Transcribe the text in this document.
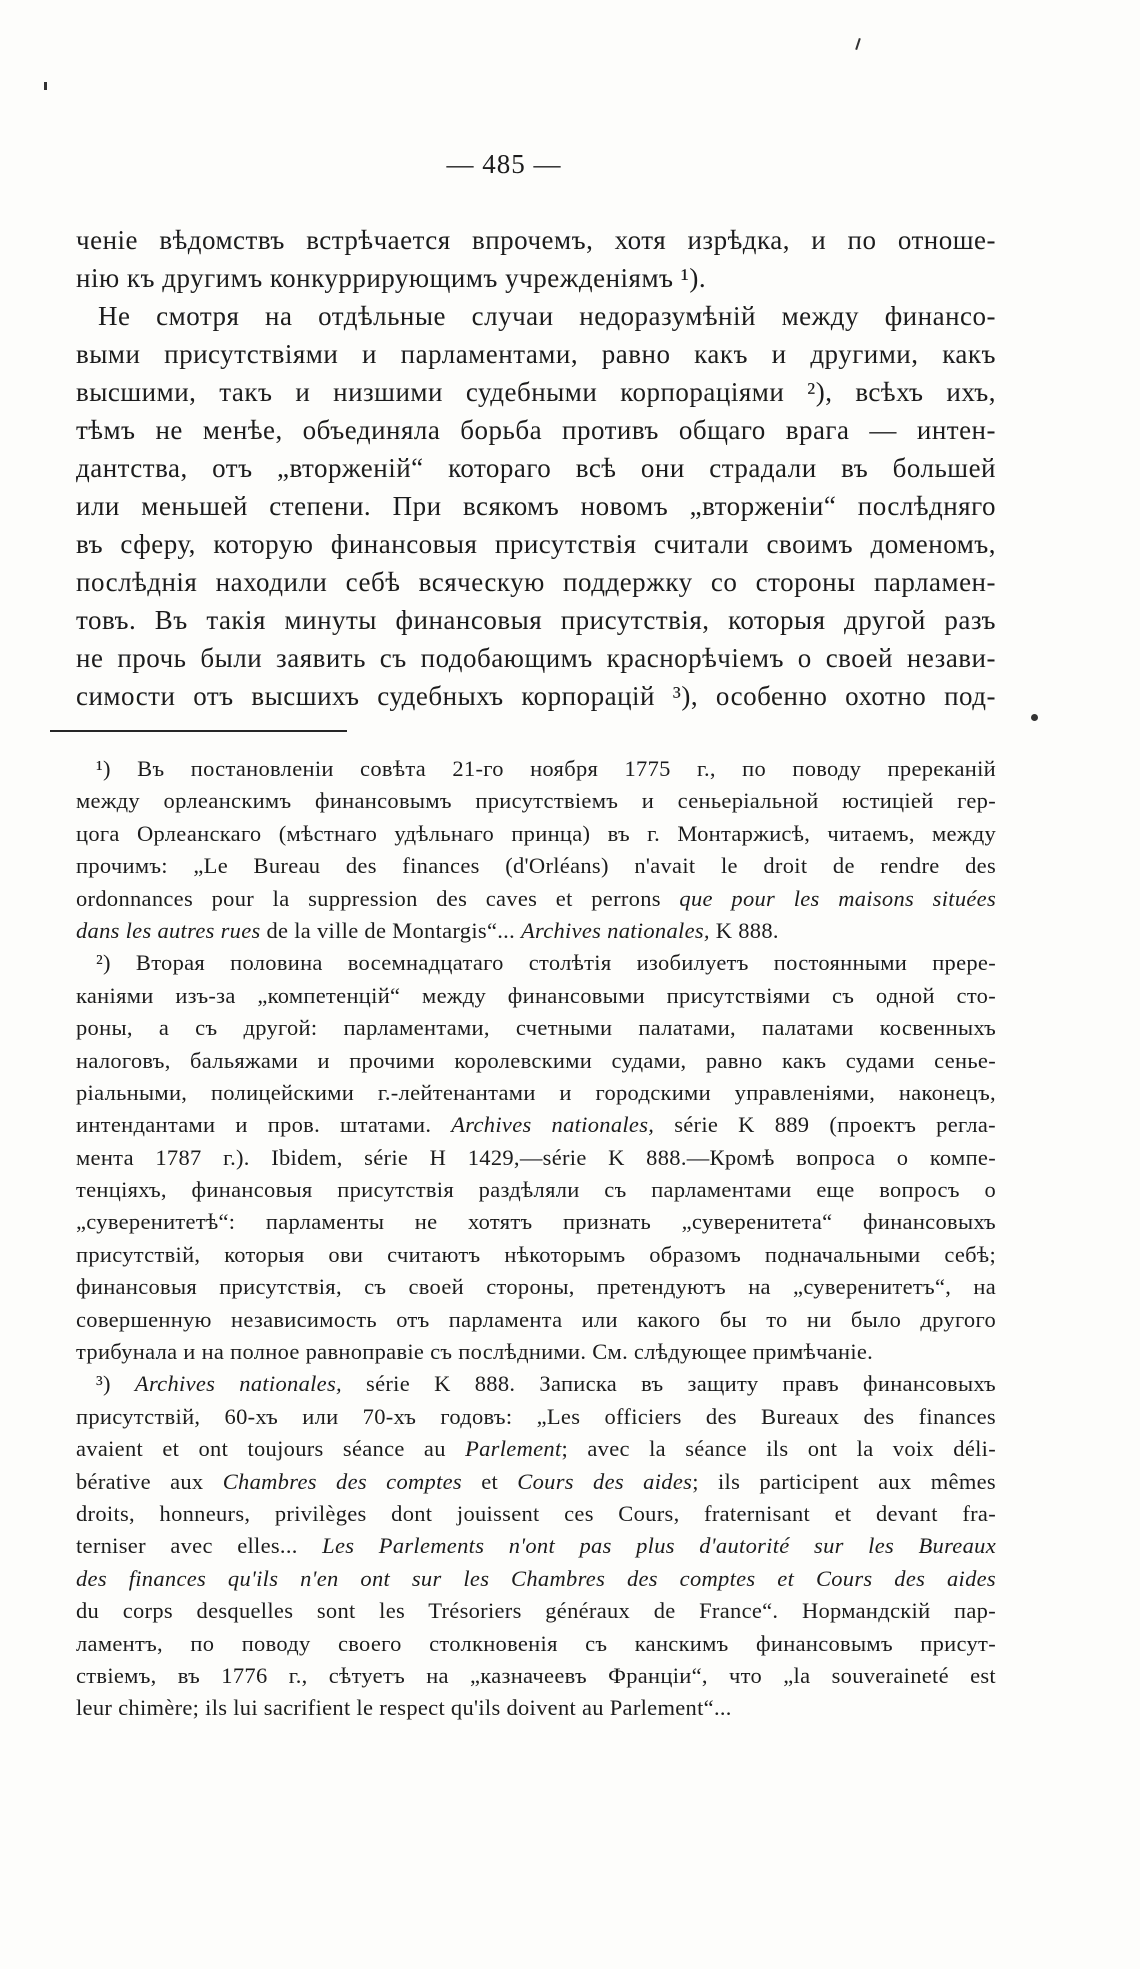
— 485 —
ченіе вѣдомствъ встрѣчается впрочемъ, хотя изрѣдка, и по отноше-
нію къ другимъ конкуррирующимъ учрежденіямъ ¹).
Не смотря на отдѣльные случаи недоразумѣній между финансо-
выми присутствіями и парламентами, равно какъ и другими, какъ
высшими, такъ и низшими судебными корпораціями ²), всѣхъ ихъ,
тѣмъ не менѣе, объединяла борьба противъ общаго врага — интен-
дантства, отъ „вторженій“ котораго всѣ они страдали въ большей
или меньшей степени. При всякомъ новомъ „вторженіи“ послѣдняго
въ сферу, которую финансовыя присутствія считали своимъ доменомъ,
послѣднія находили себѣ всяческую поддержку со стороны парламен-
товъ. Въ такія минуты финансовыя присутствія, которыя другой разъ
не прочь были заявить съ подобающимъ краснорѣчіемъ о своей незави-
симости отъ высшихъ судебныхъ корпорацій ³), особенно охотно под-
¹) Въ постановленіи совѣта 21-го ноября 1775 г., по поводу пререканій
между орлеанскимъ финансовымъ присутствіемъ и сеньеріальной юстиціей гер-
цога Орлеанскаго (мѣстнаго удѣльнаго принца) въ г. Монтаржисѣ, читаемъ, между
прочимъ: „Le Bureau des finances (d'Orléans) n'avait le droit de rendre des
ordonnances pour la suppression des caves et perrons que pour les maisons situées
dans les autres rues de la ville de Montargis“... Archives nationales, K 888.
²) Вторая половина восемнадцатаго столѣтія изобилуетъ постоянными прере-
каніями изъ-за „компетенцій“ между финансовыми присутствіями съ одной сто-
роны, а съ другой: парламентами, счетными палатами, палатами косвенныхъ
налоговъ, бальяжами и прочими королевскими судами, равно какъ судами сенье-
ріальными, полицейскими г.-лейтенантами и городскими управленіями, наконецъ,
интендантами и пров. штатами. Archives nationales, série K 889 (проектъ регла-
мента 1787 г.). Ibidem, série H 1429,—série K 888.—Кромѣ вопроса о компе-
тенціяхъ, финансовыя присутствія раздѣляли съ парламентами еще вопросъ о
„суверенитетѣ“: парламенты не хотятъ признать „суверенитета“ финансовыхъ
присутствій, которыя ови считаютъ нѣкоторымъ образомъ подначальными себѣ;
финансовыя присутствія, съ своей стороны, претендуютъ на „суверенитетъ“, на
совершенную независимость отъ парламента или какого бы то ни было другого
трибунала и на полное равноправіе съ послѣдними. См. слѣдующее примѣчаніе.
³) Archives nationales, série K 888. Записка въ защиту правъ финансовыхъ
присутствій, 60-хъ или 70-хъ годовъ: „Les officiers des Bureaux des finances
avaient et ont toujours séance au Parlement; avec la séance ils ont la voix déli-
bérative aux Chambres des comptes et Cours des aides; ils participent aux mêmes
droits, honneurs, privilèges dont jouissent ces Cours, fraternisant et devant fra-
terniser avec elles... Les Parlements n'ont pas plus d'autorité sur les Bureaux
des finances qu'ils n'en ont sur les Chambres des comptes et Cours des aides
du corps desquelles sont les Trésoriers généraux de France“. Нормандскій пар-
ламентъ, по поводу своего столкновенія съ канскимъ финансовымъ присут-
ствіемъ, въ 1776 г., сѣтуетъ на „казначеевъ Франціи“, что „la souveraineté est
leur chimère; ils lui sacrifient le respect qu'ils doivent au Parlement“...
